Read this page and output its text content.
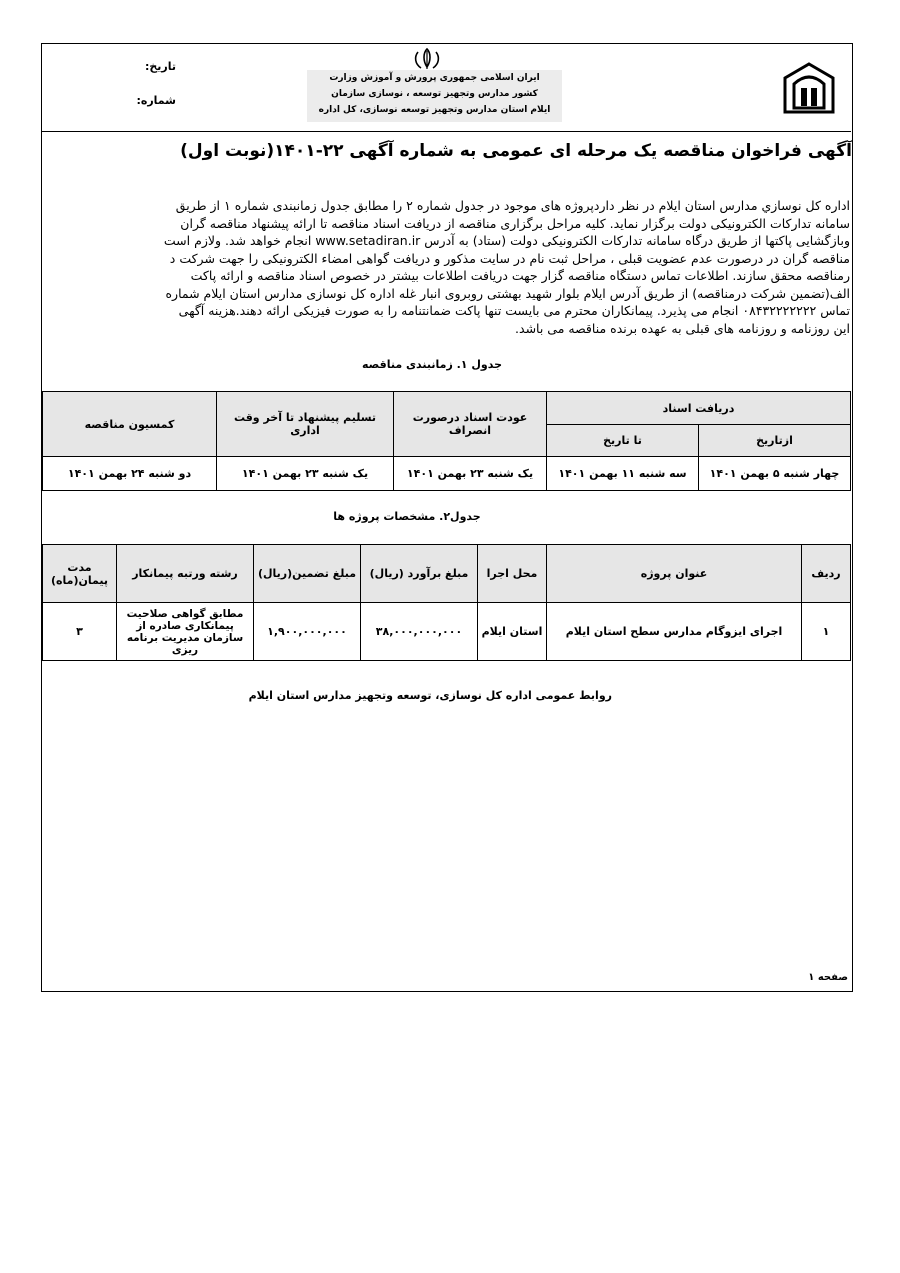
تاریخ:
شماره:
ایران اسلامی جمهوری پرورش و آموزش وزارت
کشور مدارس وتجهیز توسعه ، نوسازی سازمان
ایلام استان مدارس وتجهیز توسعه نوسازی، کل اداره
آگهی فراخوان مناقصه یک مرحله ای عمومی به شماره آگهی ۲۲-۱۴۰۱(نوبت اول)

اداره کل نوسازي مدارس استان ایلام در نظر داردپروژه های موجود در جدول شماره ۲ را مطابق جدول زمانبندی شماره ۱ از طریق

سامانه تدارکات الکترونیکی دولت برگزار نماید. کلیه مراحل برگزاری مناقصه از دریافت اسناد مناقصه تا ارائه پیشنهاد مناقصه گران

وبازگشایی پاکتها از طریق درگاه سامانه تدارکات الکترونیکی دولت (ستاد) به آدرس www.setadiran.ir انجام خواهد شد. ولازم است

مناقصه گران در درصورت عدم عضویت قبلی ، مراحل ثبت نام در سایت مذکور و دریافت گواهی امضاء الکترونیکی را جهت شرکت د

رمناقصه محقق سازند. اطلاعات تماس دستگاه مناقصه گزار جهت دریافت اطلاعات بیشتر در خصوص اسناد مناقصه و ارائه پاکت

الف(تضمین شرکت درمناقصه) از طریق آدرس ایلام بلوار شهید بهشتی روبروی انبار غله اداره کل نوسازی مدارس استان ایلام شماره

تماس ۰۸۴۳۲۲۲۲۲۲۲ انجام می پذیرد. پیمانکاران محترم می بایست تنها پاکت ضمانتنامه را به صورت فیزیکی ارائه دهند.هزینه آگهی

این روزنامه و روزنامه های قبلی به عهده برنده مناقصه می باشد.

جدول ۱. زمانبندی مناقصه
دریافت اسناد		عودت اسناد درصورت انصراف	تسلیم پیشنهاد تا آخر وقت اداری	کمسیون مناقصه
ازتاریخ	تا تاریخ			
چهار شنبه ۵ بهمن ۱۴۰۱	سه شنبه ۱۱ بهمن ۱۴۰۱	یک شنبه ۲۳ بهمن ۱۴۰۱	یک شنبه ۲۳ بهمن ۱۴۰۱	دو شنبه ۲۴ بهمن ۱۴۰۱
جدول۲. مشخصات پروژه ها
ردیف	عنوان پروژه	محل اجرا	مبلغ برآورد (ریال)	مبلغ تضمین(ریال)	رشته ورتبه پیمانکار	مدت پیمان(ماه)
۱	اجرای ایزوگام مدارس سطح استان ایلام	استان ایلام	۳۸,۰۰۰,۰۰۰,۰۰۰	۱,۹۰۰,۰۰۰,۰۰۰	مطابق گواهی صلاحیت پیمانکاری صادره از سازمان مدیریت برنامه ریزی	۳
روابط عمومی اداره کل نوسازی، توسعه وتجهیز مدارس استان ایلام
صفحه ۱
